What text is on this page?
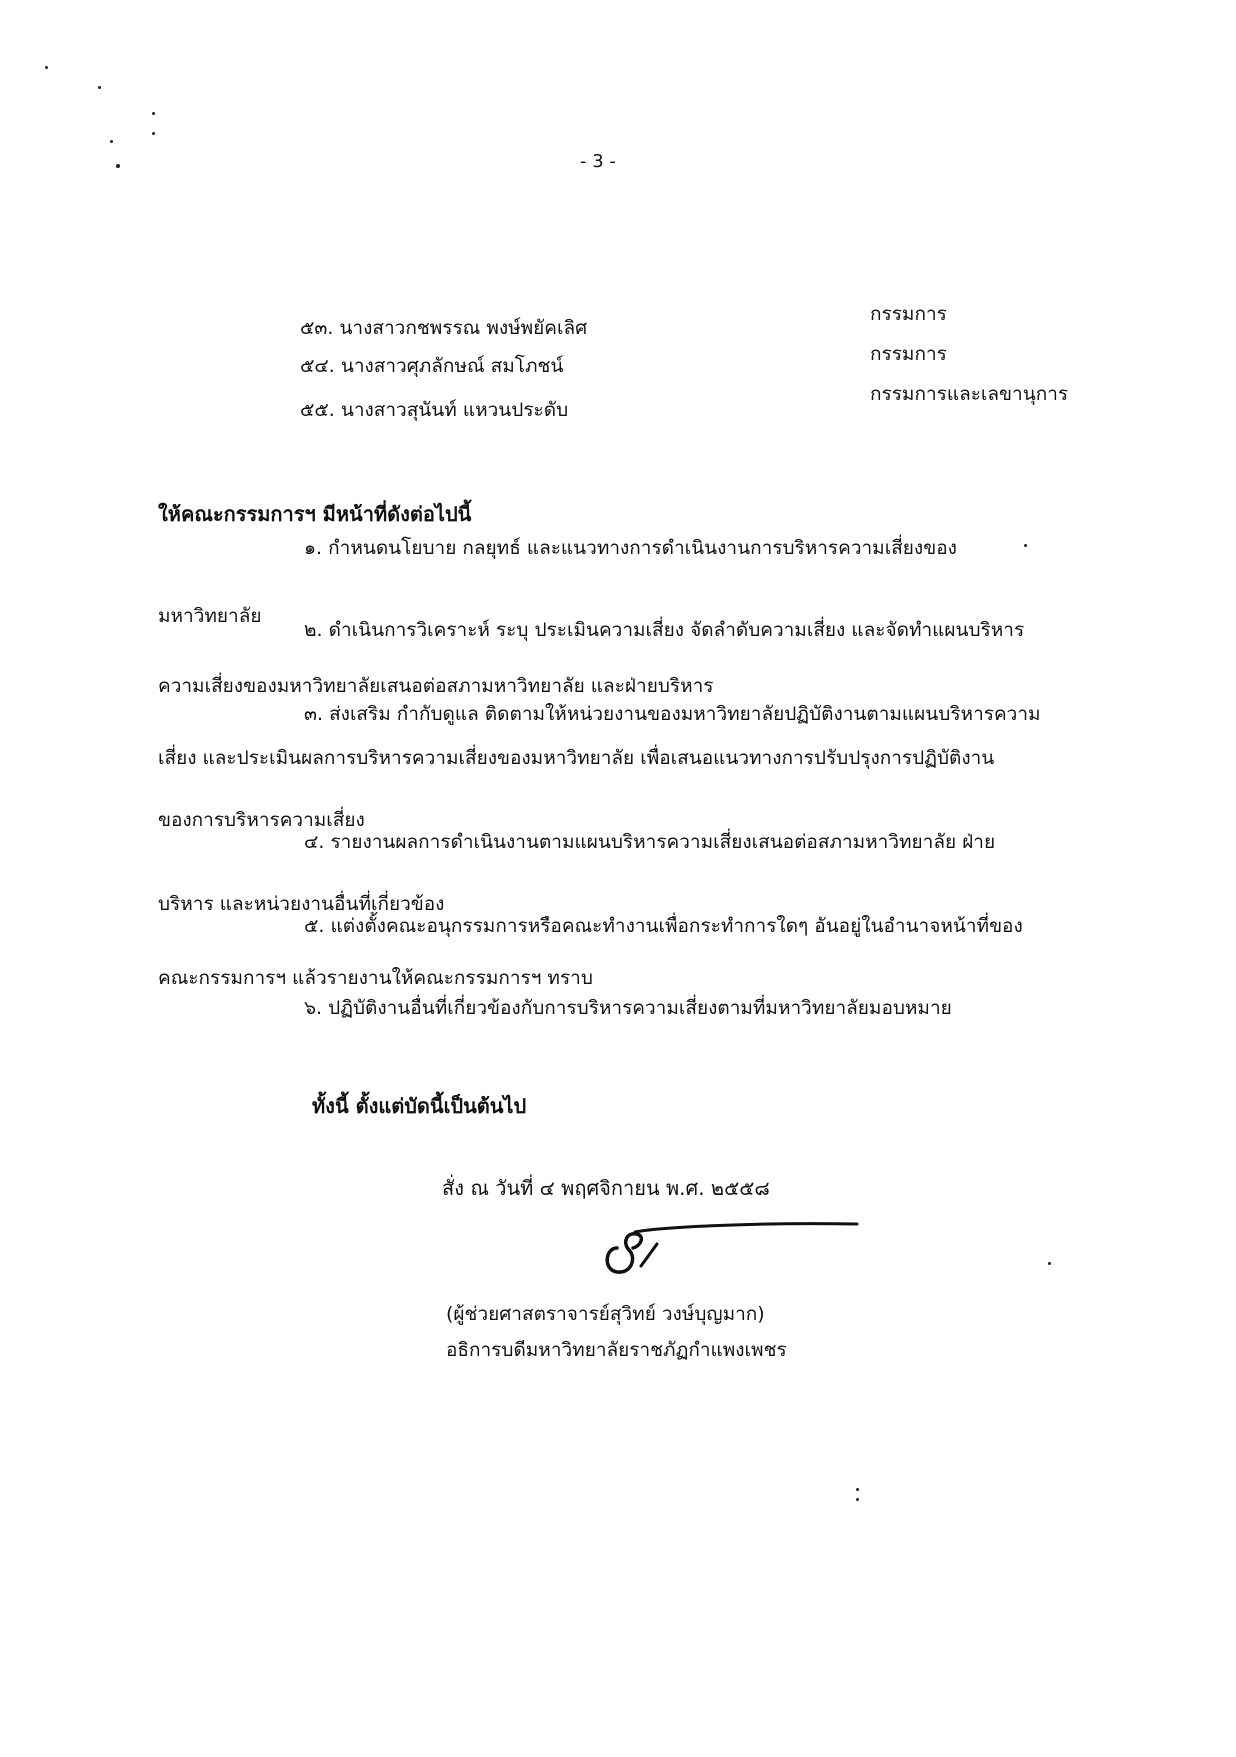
- 3 -
๕๓. นางสาวกชพรรณ พงษ์พยัคเลิศ
กรรมการ
๕๔. นางสาวศุภลักษณ์ สมโภชน์
กรรมการ
๕๕. นางสาวสุนันท์ แหวนประดับ
กรรมการและเลขานุการ
ให้คณะกรรมการฯ มีหน้าที่ดังต่อไปนี้
๑. กำหนดนโยบาย กลยุทธ์ และแนวทางการดำเนินงานการบริหารความเสี่ยงของ
มหาวิทยาลัย
๒. ดำเนินการวิเคราะห์ ระบุ ประเมินความเสี่ยง จัดลำดับความเสี่ยง และจัดทำแผนบริหาร
ความเสี่ยงของมหาวิทยาลัยเสนอต่อสภามหาวิทยาลัย และฝ่ายบริหาร
๓. ส่งเสริม กำกับดูแล ติดตามให้หน่วยงานของมหาวิทยาลัยปฏิบัติงานตามแผนบริหารความ
เสี่ยง และประเมินผลการบริหารความเสี่ยงของมหาวิทยาลัย เพื่อเสนอแนวทางการปรับปรุงการปฏิบัติงาน
ของการบริหารความเสี่ยง
๔. รายงานผลการดำเนินงานตามแผนบริหารความเสี่ยงเสนอต่อสภามหาวิทยาลัย ฝ่าย
บริหาร และหน่วยงานอื่นที่เกี่ยวข้อง
๕. แต่งตั้งคณะอนุกรรมการหรือคณะทำงานเพื่อกระทำการใดๆ อันอยู่ในอำนาจหน้าที่ของ
คณะกรรมการฯ แล้วรายงานให้คณะกรรมการฯ ทราบ
๖. ปฏิบัติงานอื่นที่เกี่ยวข้องกับการบริหารความเสี่ยงตามที่มหาวิทยาลัยมอบหมาย
ทั้งนี้ ตั้งแต่บัดนี้เป็นต้นไป
สั่ง ณ วันที่ ๔ พฤศจิกายน พ.ศ. ๒๕๕๘
(ผู้ช่วยศาสตราจารย์สุวิทย์ วงษ์บุญมาก)
อธิการบดีมหาวิทยาลัยราชภัฏกำแพงเพชร
